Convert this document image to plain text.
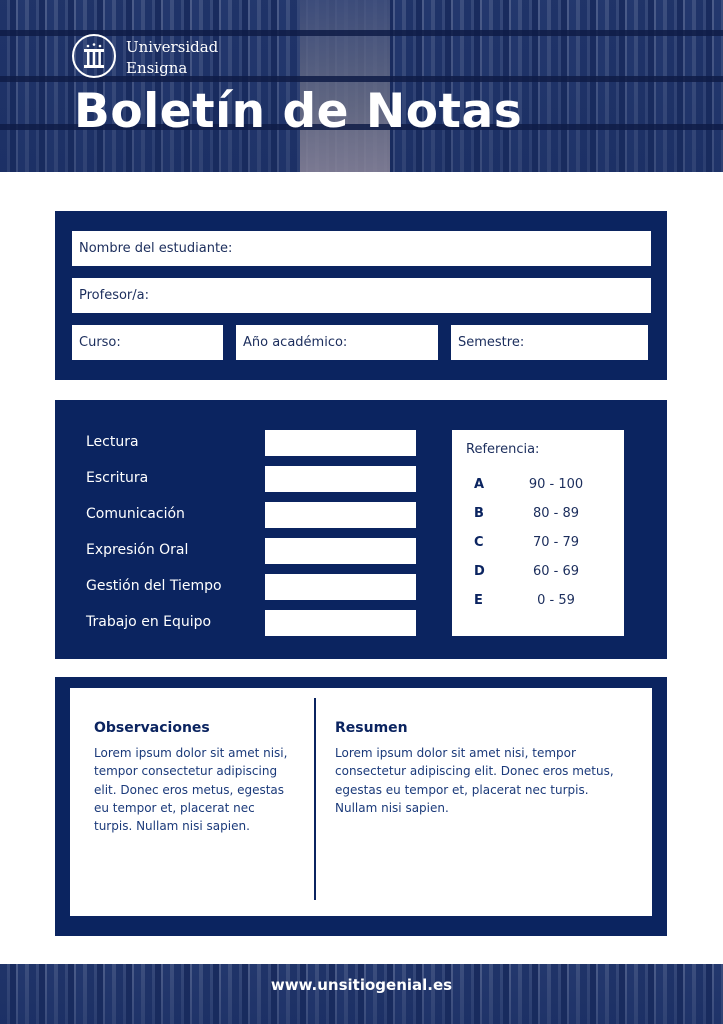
Universidad
Ensigna
Boletín de Notas
Nombre del estudiante:
Profesor/a:
Curso:	Año académico:	Semestre:
Lectura
Escritura
Comunicación
Expresión Oral
Gestión del Tiempo
Trabajo en Equipo
Referencia:
A	90 - 100
B	80 - 89
C	70 - 79
D	60 - 69
E	0 - 59
Observaciones

Lorem ipsum dolor sit amet nisi, tempor consectetur adipiscing elit. Donec eros metus, egestas eu tempor et, placerat nec turpis. Nullam nisi sapien.

Resumen

Lorem ipsum dolor sit amet nisi, tempor consectetur adipiscing elit. Donec eros metus, egestas eu tempor et, placerat nec turpis. Nullam nisi sapien.

www.unsitiogenial.es
